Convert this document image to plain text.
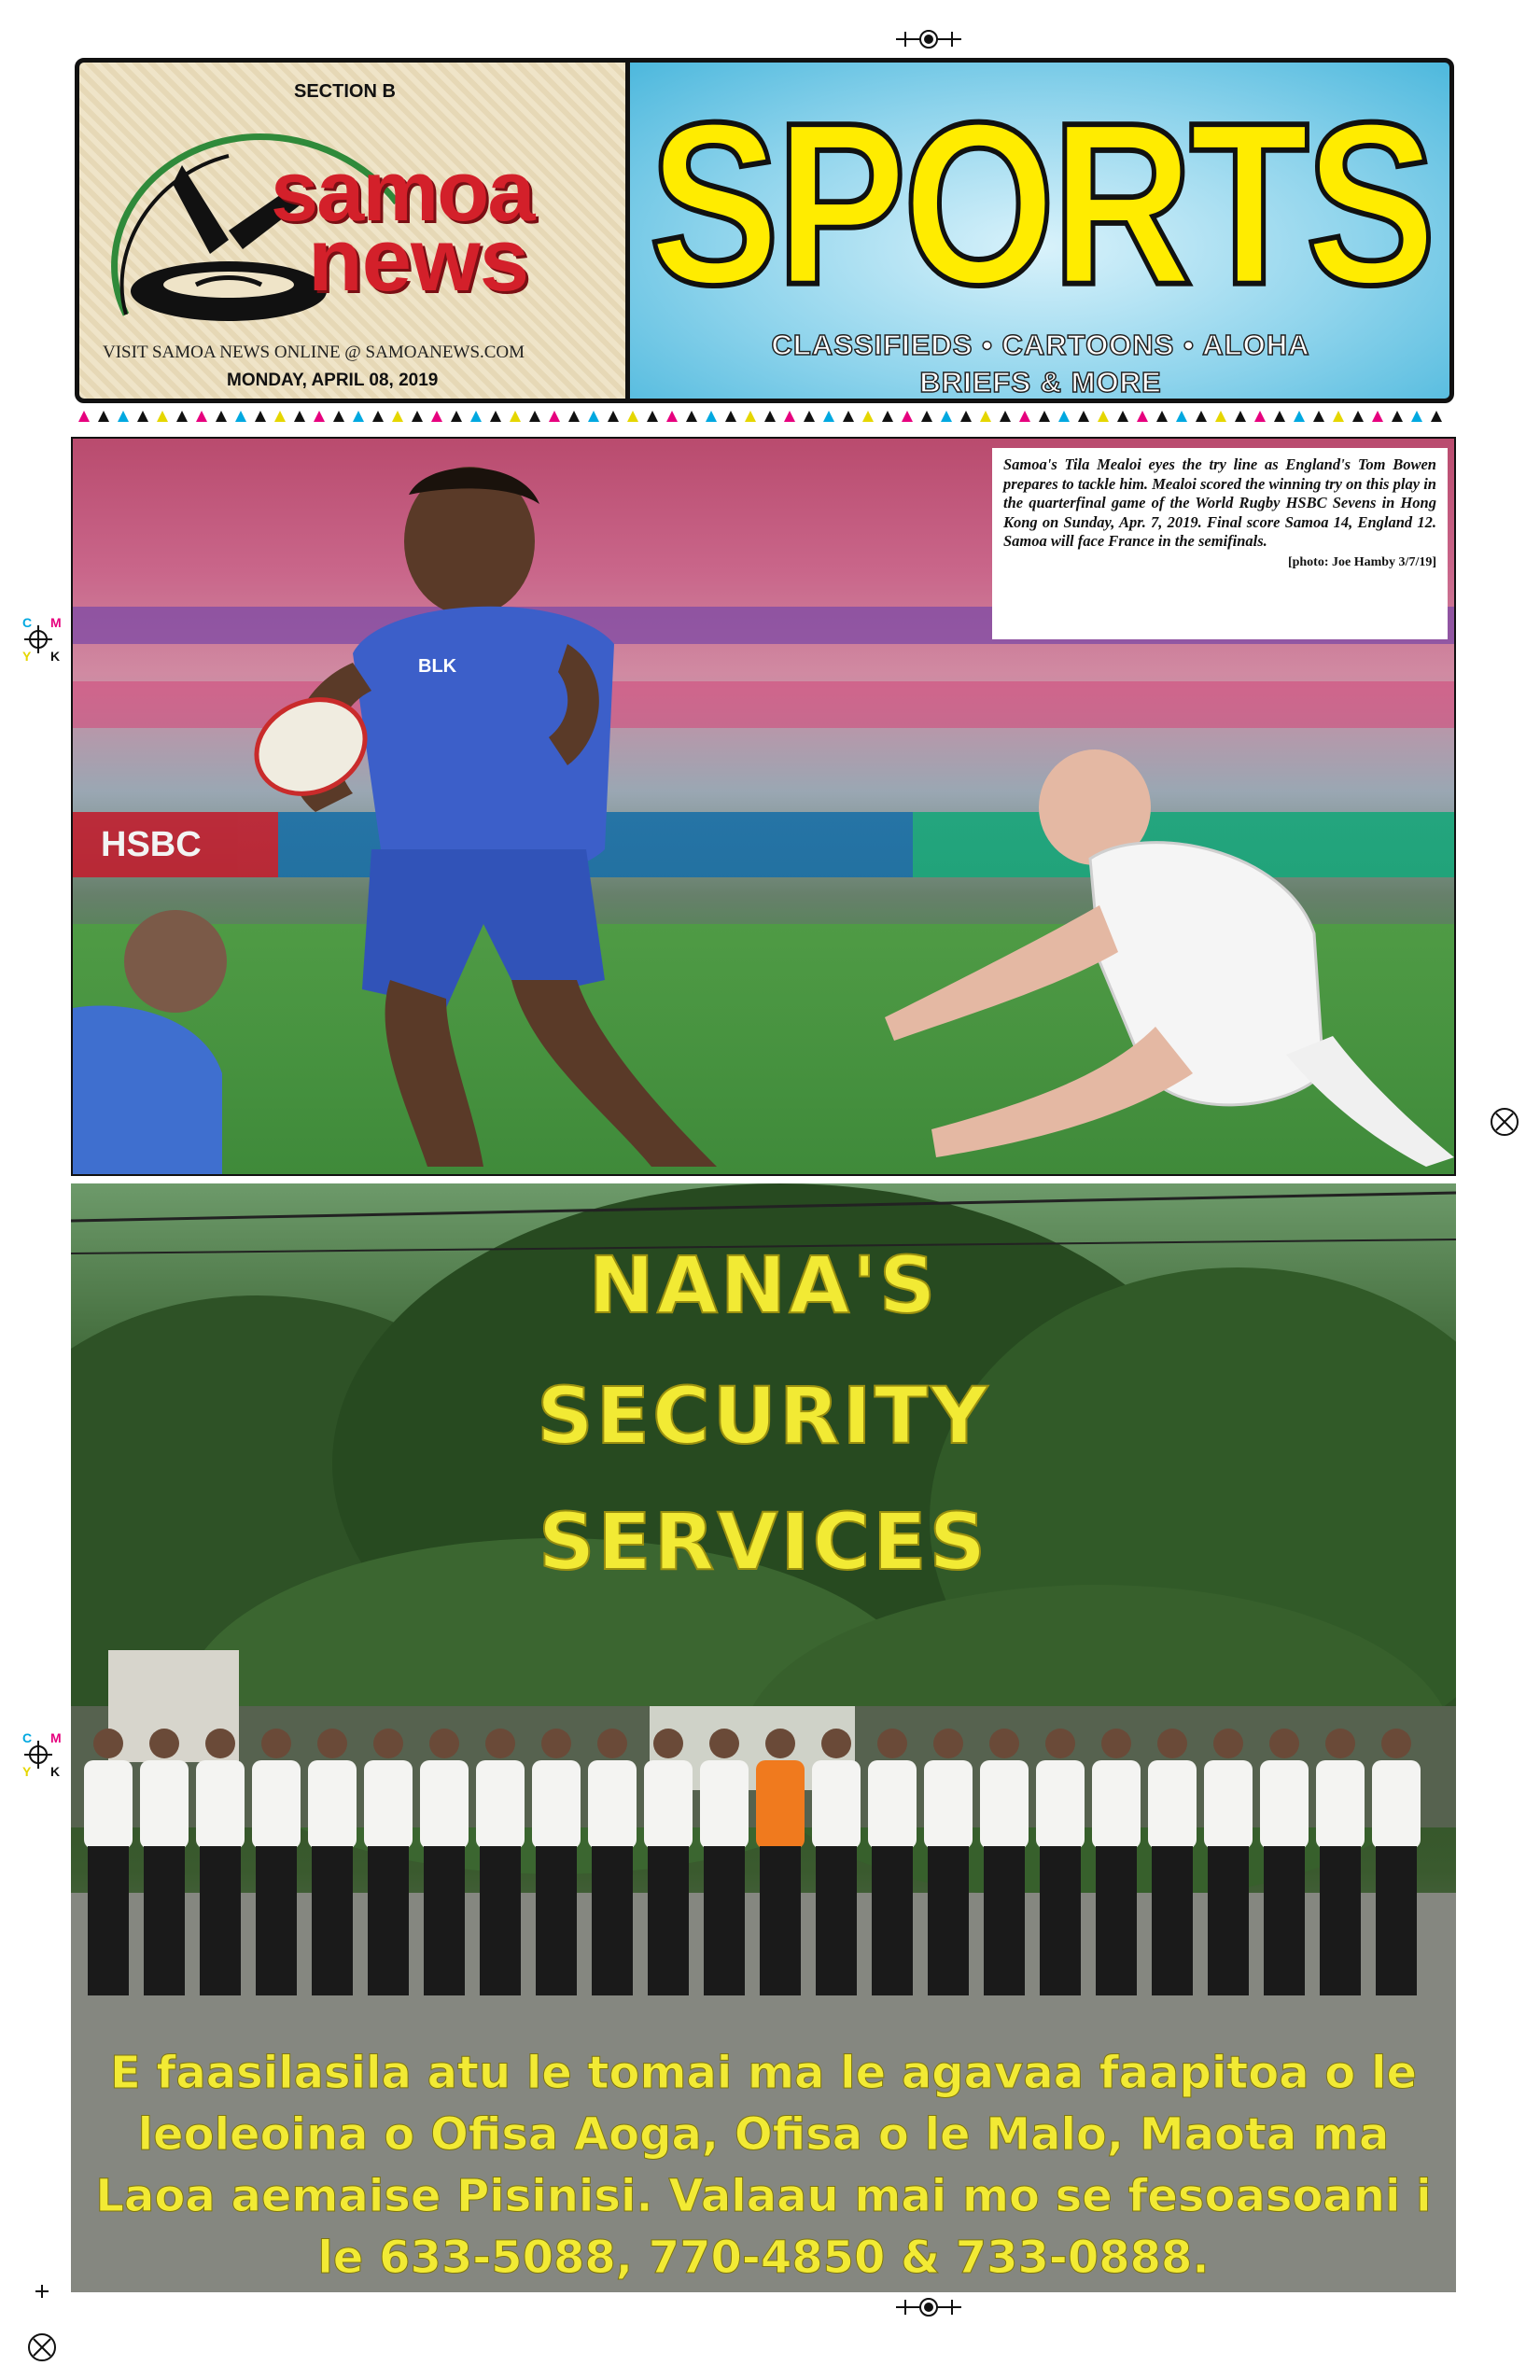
C M
Y K
C M
Y K
SECTION B
samoa
news
VISIT SAMOA NEWS ONLINE @ SAMOANEWS.COM
MONDAY, APRIL 08, 2019
SPORTS
CLASSIFIEDS • CARTOONS • ALOHA
BRIEFS & MORE
HSBC
BLK
Samoa's Tila Mealoi eyes the try line as England's Tom Bowen prepares to tackle him. Mealoi scored the winning try on this play in the quarterfinal game of the World Rugby HSBC Sevens in Hong Kong on Sunday, Apr. 7, 2019. Final score Samoa 14, England 12. Samoa will face France in the semifinals.
[photo: Joe Hamby 3/7/19]
NANA'S
SECURITY
SERVICES
E faasilasila atu le tomai ma le agavaa faapitoa o le leoleoina o Ofisa Aoga, Ofisa o le Malo, Maota ma Laoa aemaise Pisinisi. Valaau mai mo se fesoasoani i le 633-5088, 770-4850 & 733-0888.
